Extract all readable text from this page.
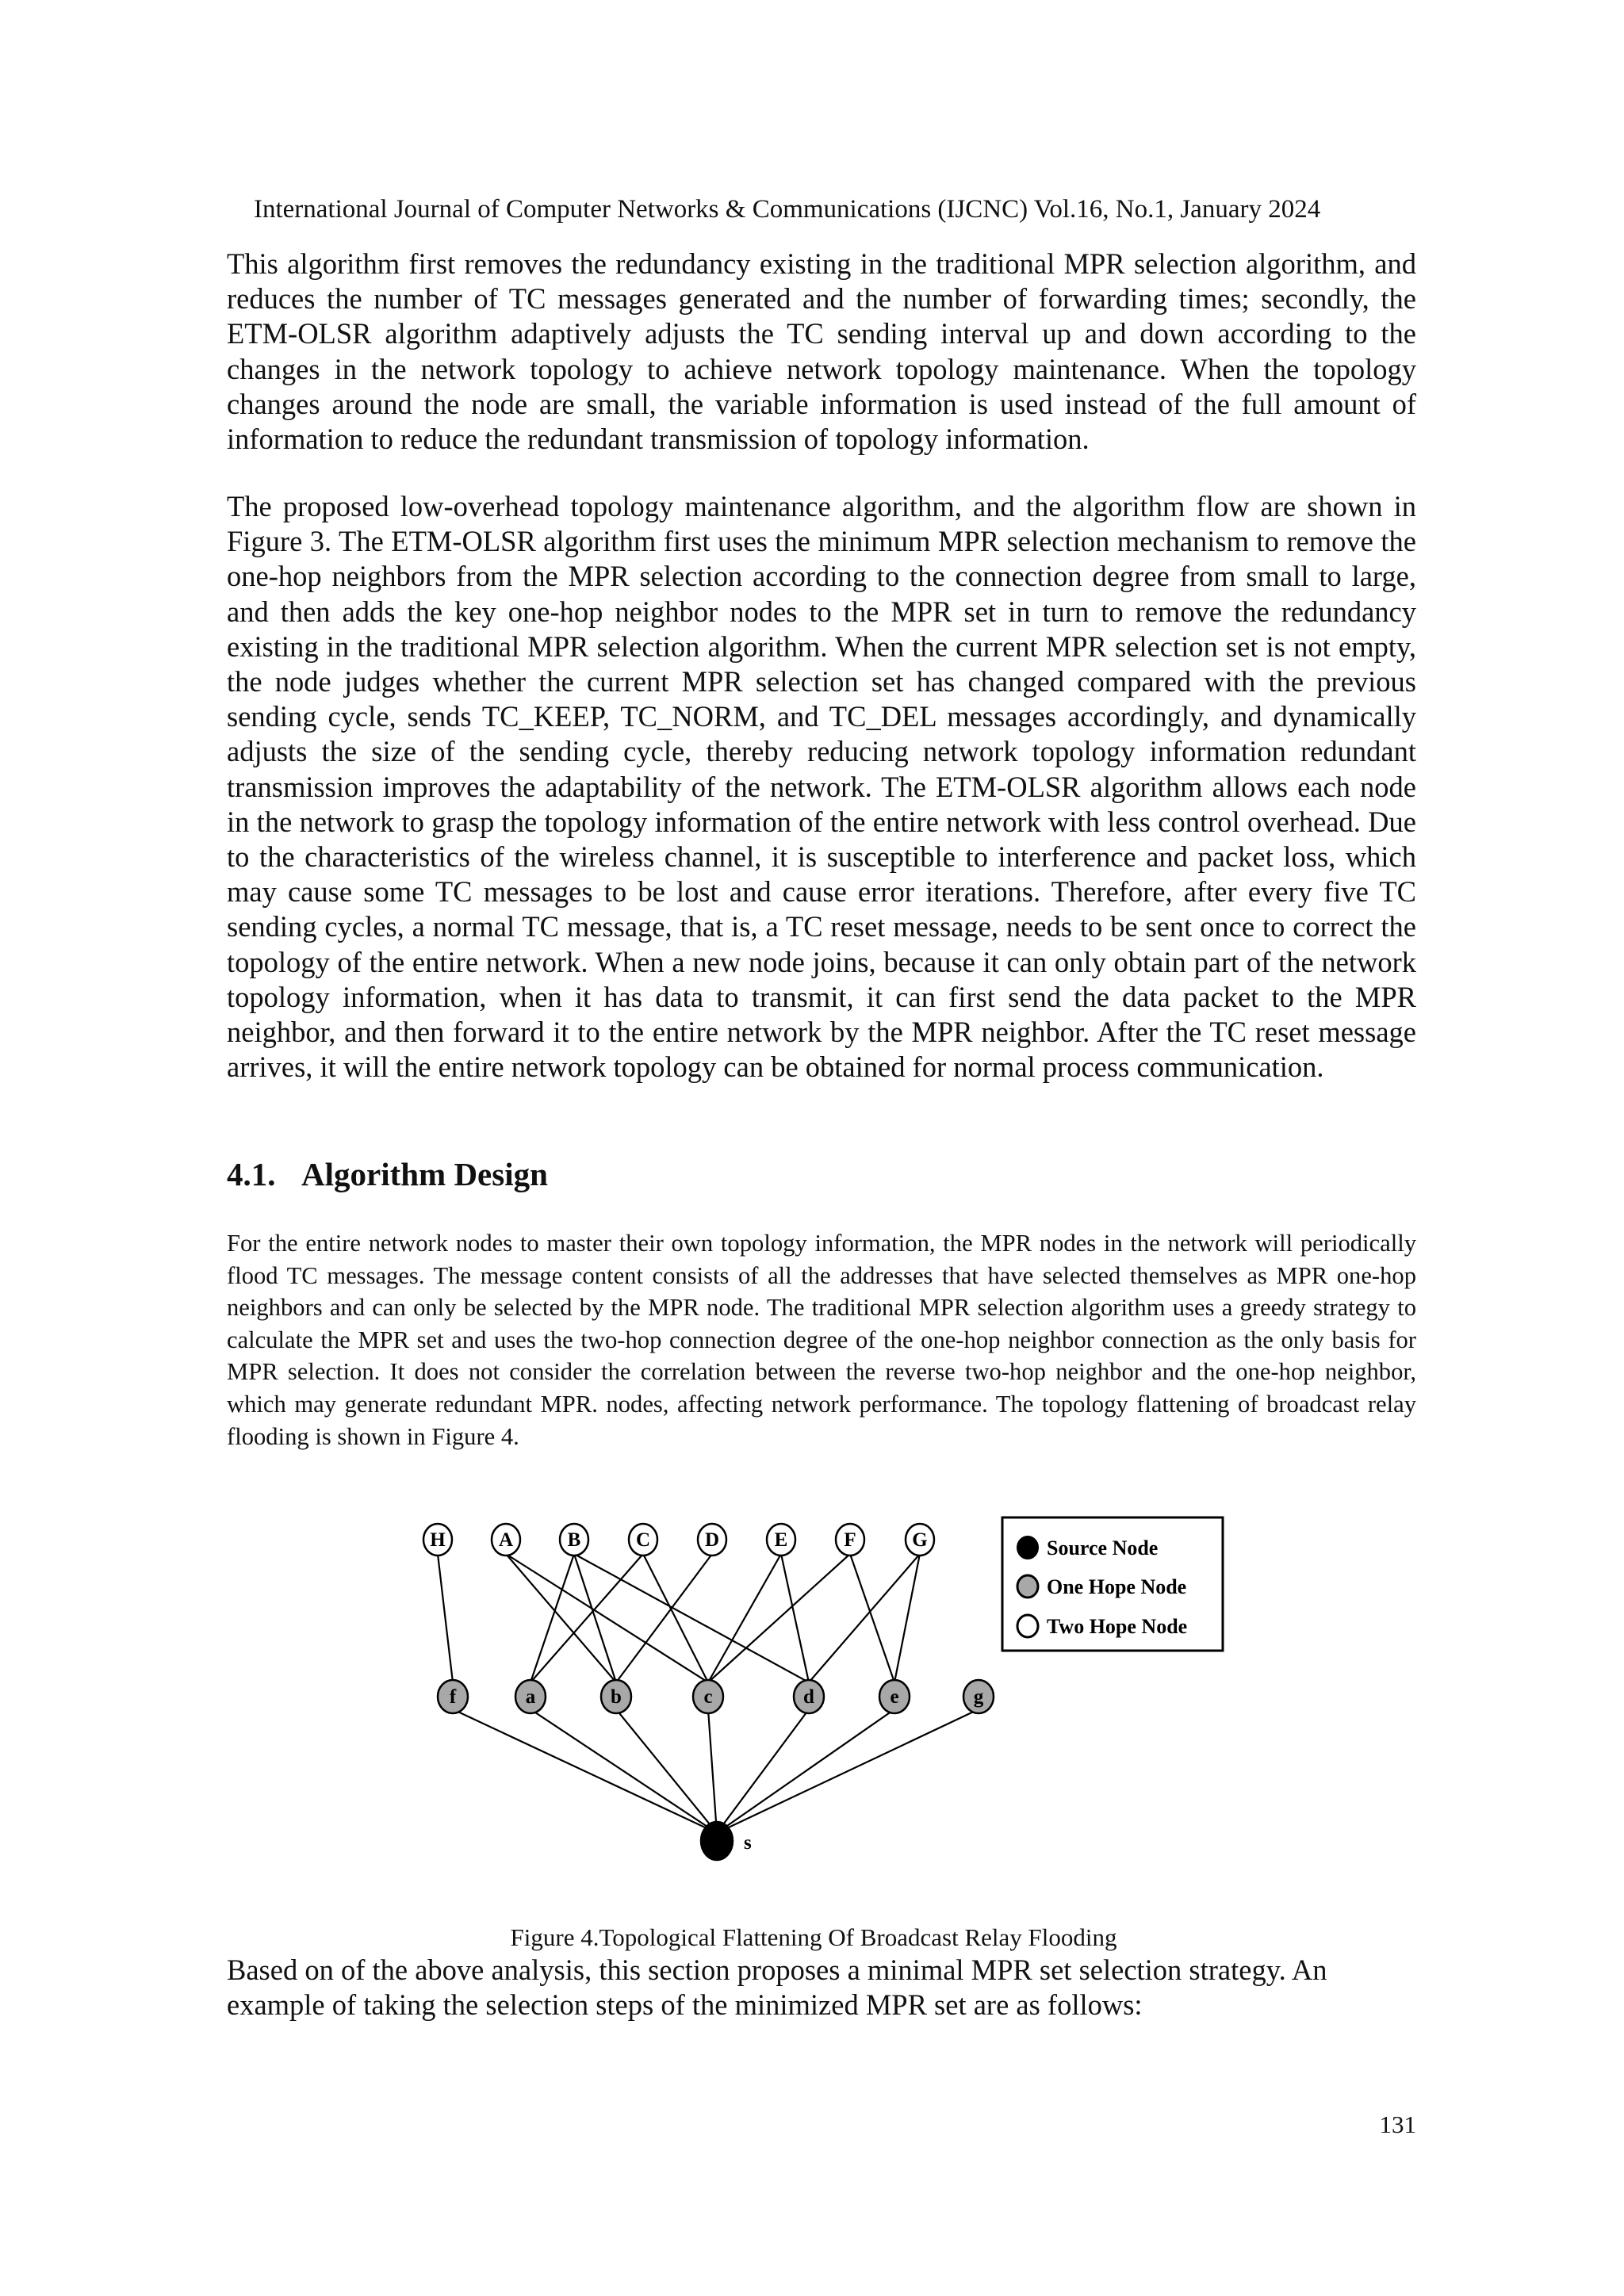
International Journal of Computer Networks & Communications (IJCNC) Vol.16, No.1, January 2024

This algorithm first removes the redundancy existing in the traditional MPR selection algorithm, and reduces the number of TC messages generated and the number of forwarding times; secondly, the ETM-OLSR algorithm adaptively adjusts the TC sending interval up and down according to the changes in the network topology to achieve network topology maintenance. When the topology changes around the node are small, the variable information is used instead of the full amount of information to reduce the redundant transmission of topology information.

The proposed low-overhead topology maintenance algorithm, and the algorithm flow are shown in Figure 3. The ETM-OLSR algorithm first uses the minimum MPR selection mechanism to remove the one-hop neighbors from the MPR selection according to the connection degree from small to large, and then adds the key one-hop neighbor nodes to the MPR set in turn to remove the redundancy existing in the traditional MPR selection algorithm. When the current MPR selection set is not empty, the node judges whether the current MPR selection set has changed compared with the previous sending cycle, sends TC_KEEP, TC_NORM, and TC_DEL messages accordingly, and dynamically adjusts the size of the sending cycle, thereby reducing network topology information redundant transmission improves the adaptability of the network. The ETM-OLSR algorithm allows each node in the network to grasp the topology information of the entire network with less control overhead. Due to the characteristics of the wireless channel, it is susceptible to interference and packet loss, which may cause some TC messages to be lost and cause error iterations. Therefore, after every five TC sending cycles, a normal TC message, that is, a TC reset message, needs to be sent once to correct the topology of the entire network. When a new node joins, because it can only obtain part of the network topology information, when it has data to transmit, it can first send the data packet to the MPR neighbor, and then forward it to the entire network by the MPR neighbor. After the TC reset message arrives, it will the entire network topology can be obtained for normal process communication.

4.1. Algorithm Design

For the entire network nodes to master their own topology information, the MPR nodes in the network will periodically flood TC messages. The message content consists of all the addresses that have selected themselves as MPR one-hop neighbors and can only be selected by the MPR node. The traditional MPR selection algorithm uses a greedy strategy to calculate the MPR set and uses the two-hop connection degree of the one-hop neighbor connection as the only basis for MPR selection. It does not consider the correlation between the reverse two-hop neighbor and the one-hop neighbor, which may generate redundant MPR. nodes, affecting network performance. The topology flattening of broadcast relay flooding is shown in Figure 4.

H	A	B	C	D	E	F	G
f	a	b	c	d	e	g
s
Source Node
One Hope Node
Two Hope Node

Figure 4.Topological Flattening Of Broadcast Relay Flooding

Based on of the above analysis, this section proposes a minimal MPR set selection strategy. An example of taking the selection steps of the minimized MPR set are as follows:

131
